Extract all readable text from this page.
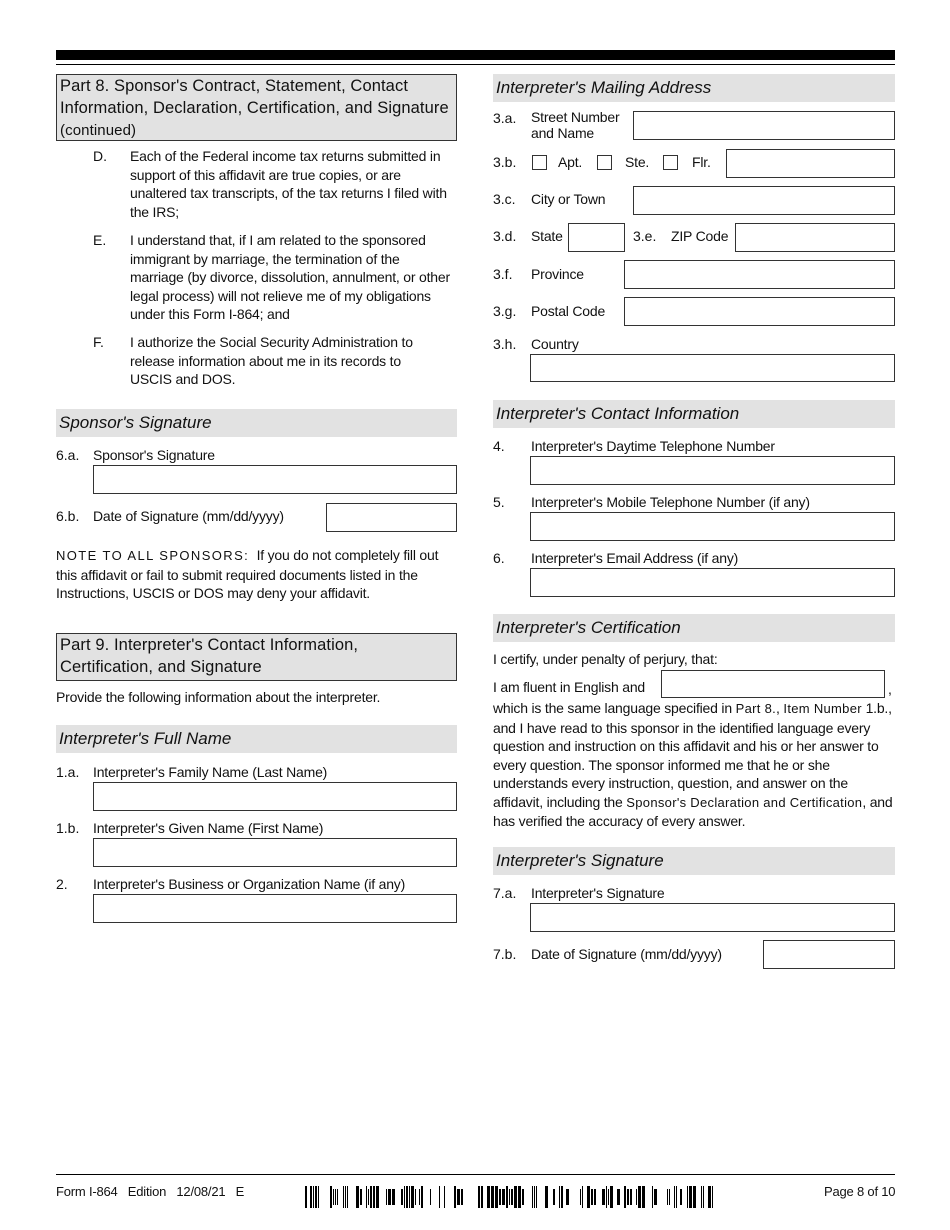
Part 8. Sponsor's Contract, Statement, Contact Information, Declaration, Certification, and Signature (continued)
D. Each of the Federal income tax returns submitted in support of this affidavit are true copies, or are unaltered tax transcripts, of the tax returns I filed with the IRS;
E. I understand that, if I am related to the sponsored immigrant by marriage, the termination of the marriage (by divorce, dissolution, annulment, or other legal process) will not relieve me of my obligations under this Form I-864; and
F. I authorize the Social Security Administration to release information about me in its records to USCIS and DOS.
Sponsor's Signature
6.a. Sponsor's Signature
6.b. Date of Signature (mm/dd/yyyy)
NOTE TO ALL SPONSORS: If you do not completely fill out this affidavit or fail to submit required documents listed in the Instructions, USCIS or DOS may deny your affidavit.
Part 9. Interpreter's Contact Information, Certification, and Signature
Provide the following information about the interpreter.
Interpreter's Full Name
1.a. Interpreter's Family Name (Last Name)
1.b. Interpreter's Given Name (First Name)
2. Interpreter's Business or Organization Name (if any)
Interpreter's Mailing Address
3.a. Street Number
and Name
3.b.	Apt.	Ste.	Flr.
3.c. City or Town
3.d. State	3.e. ZIP Code
3.f. Province
3.g. Postal Code
3.h. Country
Interpreter's Contact Information
4. Interpreter's Daytime Telephone Number
5. Interpreter's Mobile Telephone Number (if any)
6. Interpreter's Email Address (if any)
Interpreter's Certification
I certify, under penalty of perjury, that:
I am fluent in English and	,
which is the same language specified in Part 8., Item Number 1.b., and I have read to this sponsor in the identified language every question and instruction on this affidavit and his or her answer to every question. The sponsor informed me that he or she understands every instruction, question, and answer on the affidavit, including the Sponsor's Declaration and Certification, and has verified the accuracy of every answer.
Interpreter's Signature
7.a. Interpreter's Signature
7.b. Date of Signature (mm/dd/yyyy)
Form I-864   Edition   12/08/21   E	Page 8 of 10
